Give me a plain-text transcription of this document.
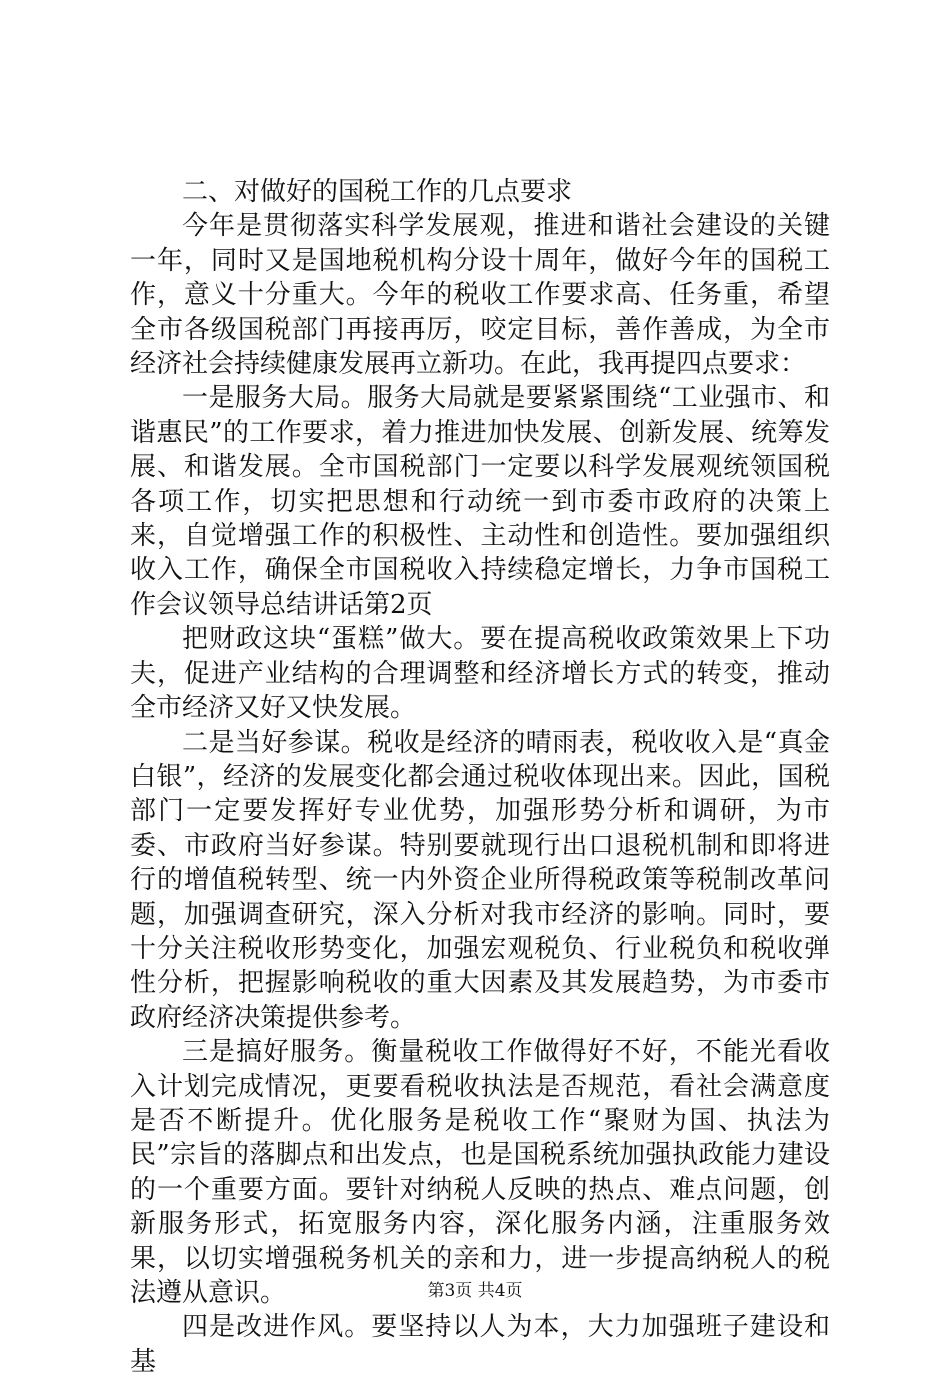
二、对做好的国税工作的几点要求

今年是贯彻落实科学发展观，推进和谐社会建设的关键一年，同时又是国地税机构分设十周年，做好今年的国税工作，意义十分重大。今年的税收工作要求高、任务重，希望全市各级国税部门再接再厉，咬定目标，善作善成，为全市经济社会持续健康发展再立新功。在此，我再提四点要求：

一是服务大局。服务大局就是要紧紧围绕“工业强市、和谐惠民”的工作要求，着力推进加快发展、创新发展、统筹发展、和谐发展。全市国税部门一定要以科学发展观统领国税各项工作，切实把思想和行动统一到市委市政府的决策上来，自觉增强工作的积极性、主动性和创造性。要加强组织收入工作，确保全市国税收入持续稳定增长，力争市国税工作会议领导总结讲话第2页

把财政这块“蛋糕”做大。要在提高税收政策效果上下功夫，促进产业结构的合理调整和经济增长方式的转变，推动全市经济又好又快发展。

二是当好参谋。税收是经济的晴雨表，税收收入是“真金白银”，经济的发展变化都会通过税收体现出来。因此，国税部门一定要发挥好专业优势，加强形势分析和调研，为市委、市政府当好参谋。特别要就现行出口退税机制和即将进行的增值税转型、统一内外资企业所得税政策等税制改革问题，加强调查研究，深入分析对我市经济的影响。同时，要十分关注税收形势变化，加强宏观税负、行业税负和税收弹性分析，把握影响税收的重大因素及其发展趋势，为市委市政府经济决策提供参考。

三是搞好服务。衡量税收工作做得好不好，不能光看收入计划完成情况，更要看税收执法是否规范，看社会满意度是否不断提升。优化服务是税收工作“聚财为国、执法为民”宗旨的落脚点和出发点，也是国税系统加强执政能力建设的一个重要方面。要针对纳税人反映的热点、难点问题，创新服务形式，拓宽服务内容，深化服务内涵，注重服务效果，以切实增强税务机关的亲和力，进一步提高纳税人的税法遵从意识。

四是改进作风。要坚持以人为本，大力加强班子建设和基

第3页 共4页
